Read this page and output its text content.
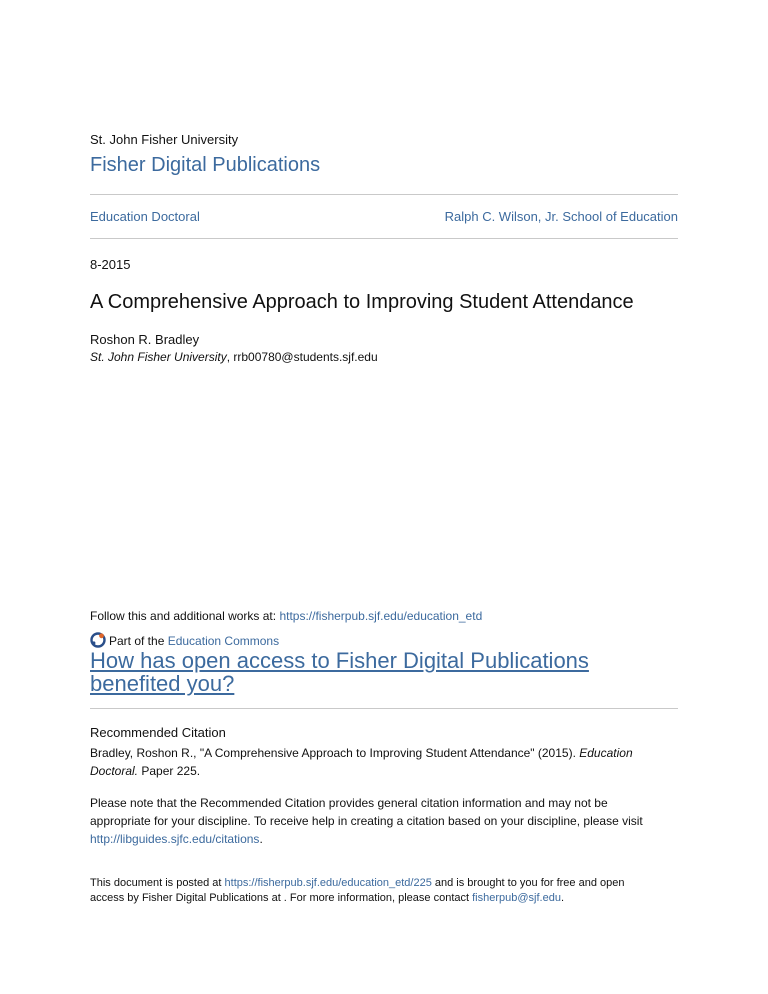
St. John Fisher University
Fisher Digital Publications
Education Doctoral	Ralph C. Wilson, Jr. School of Education
8-2015
A Comprehensive Approach to Improving Student Attendance
Roshon R. Bradley
St. John Fisher University, rrb00780@students.sjf.edu
Follow this and additional works at: https://fisherpub.sjf.edu/education_etd
Part of the Education Commons
How has open access to Fisher Digital Publications
benefited you?
Recommended Citation
Bradley, Roshon R., "A Comprehensive Approach to Improving Student Attendance" (2015). Education
Doctoral. Paper 225.
Please note that the Recommended Citation provides general citation information and may not be
appropriate for your discipline. To receive help in creating a citation based on your discipline, please visit
http://libguides.sjfc.edu/citations.
This document is posted at https://fisherpub.sjf.edu/education_etd/225 and is brought to you for free and open
access by Fisher Digital Publications at . For more information, please contact fisherpub@sjf.edu.
